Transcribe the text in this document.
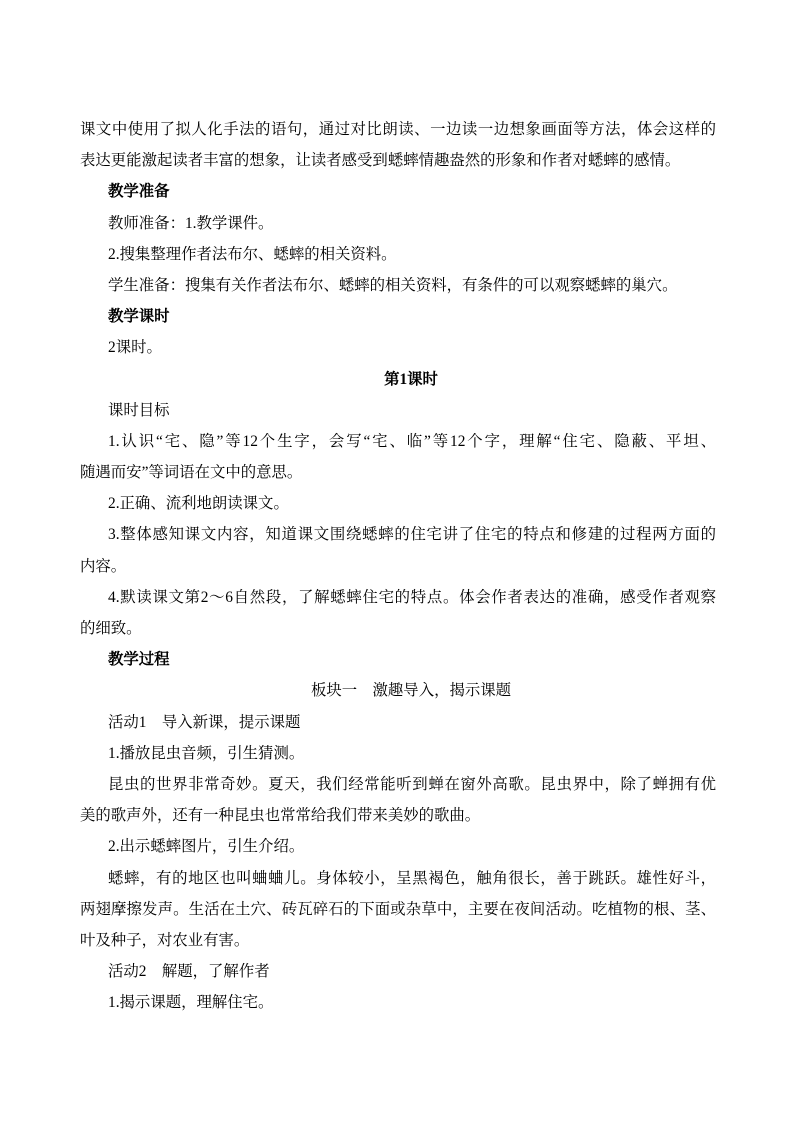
课文中使用了拟人化手法的语句，通过对比朗读、一边读一边想象画面等方法，体会这样的
表达更能激起读者丰富的想象，让读者感受到蟋蟀情趣盎然的形象和作者对蟋蟀的感情。
教学准备
教师准备：1.教学课件。
2.搜集整理作者法布尔、蟋蟀的相关资料。
学生准备：搜集有关作者法布尔、蟋蟀的相关资料，有条件的可以观察蟋蟀的巢穴。
教学课时
2课时。
第1课时
课时目标
1.认识“宅、隐”等12个生字，会写“宅、临”等12个字，理解“住宅、隐蔽、平坦、
随遇而安”等词语在文中的意思。
2.正确、流利地朗读课文。
3.整体感知课文内容，知道课文围绕蟋蟀的住宅讲了住宅的特点和修建的过程两方面的
内容。
4.默读课文第2～6自然段，了解蟋蟀住宅的特点。体会作者表达的准确，感受作者观察
的细致。
教学过程
板块一　激趣导入，揭示课题
活动1　导入新课，提示课题
1.播放昆虫音频，引生猜测。
昆虫的世界非常奇妙。夏天，我们经常能听到蝉在窗外高歌。昆虫界中，除了蝉拥有优
美的歌声外，还有一种昆虫也常常给我们带来美妙的歌曲。
2.出示蟋蟀图片，引生介绍。
蟋蟀，有的地区也叫蛐蛐儿。身体较小，呈黑褐色，触角很长，善于跳跃。雄性好斗，
两翅摩擦发声。生活在土穴、砖瓦碎石的下面或杂草中，主要在夜间活动。吃植物的根、茎、
叶及种子，对农业有害。
活动2　解题，了解作者
1.揭示课题，理解住宅。
